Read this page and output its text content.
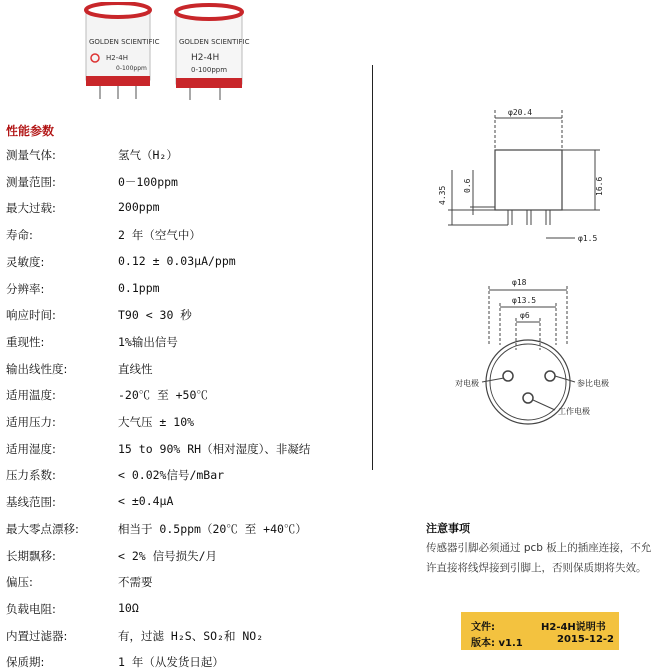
GOLDEN SCIENTIFIC
H2-4H
0-100ppm
GOLDEN SCIENTIFIC
H2-4H
0-100ppm
性能参数
测量气体:	氢气（H₂）
测量范围:	0－100ppm
最大过载:	200ppm
寿命:	2 年（空气中）
灵敏度:	0.12 ± 0.03μA/ppm
分辨率:	0.1ppm
响应时间:	T90 < 30 秒
重现性:	1%输出信号
输出线性度:	直线性
适用温度:	-20℃ 至 +50℃
适用压力:	大气压 ± 10%
适用湿度:	15 to 90% RH（相对湿度）、非凝结
压力系数:	< 0.02%信号/mBar
基线范围:	< ±0.4μA
最大零点漂移:	相当于 0.5ppm（20℃ 至 +40℃）
长期飘移:	< 2% 信号损失/月
偏压:	不需要
负载电阻:	10Ω
内置过滤器:	有，过滤 H₂S、SO₂和 NO₂
保质期:	1 年（从发货日起）
φ20.4
16.6
4.35 0.6
φ1.5
φ18
φ13.5
φ6
对电极	参比电极
工作电极
注意事项
传感器引脚必须通过 pcb 板上的插座连接，不允许直接将线焊接到引脚上，否则保质期将失效。
文件:	H2-4H说明书
版本: v1.1	2015-12-2
